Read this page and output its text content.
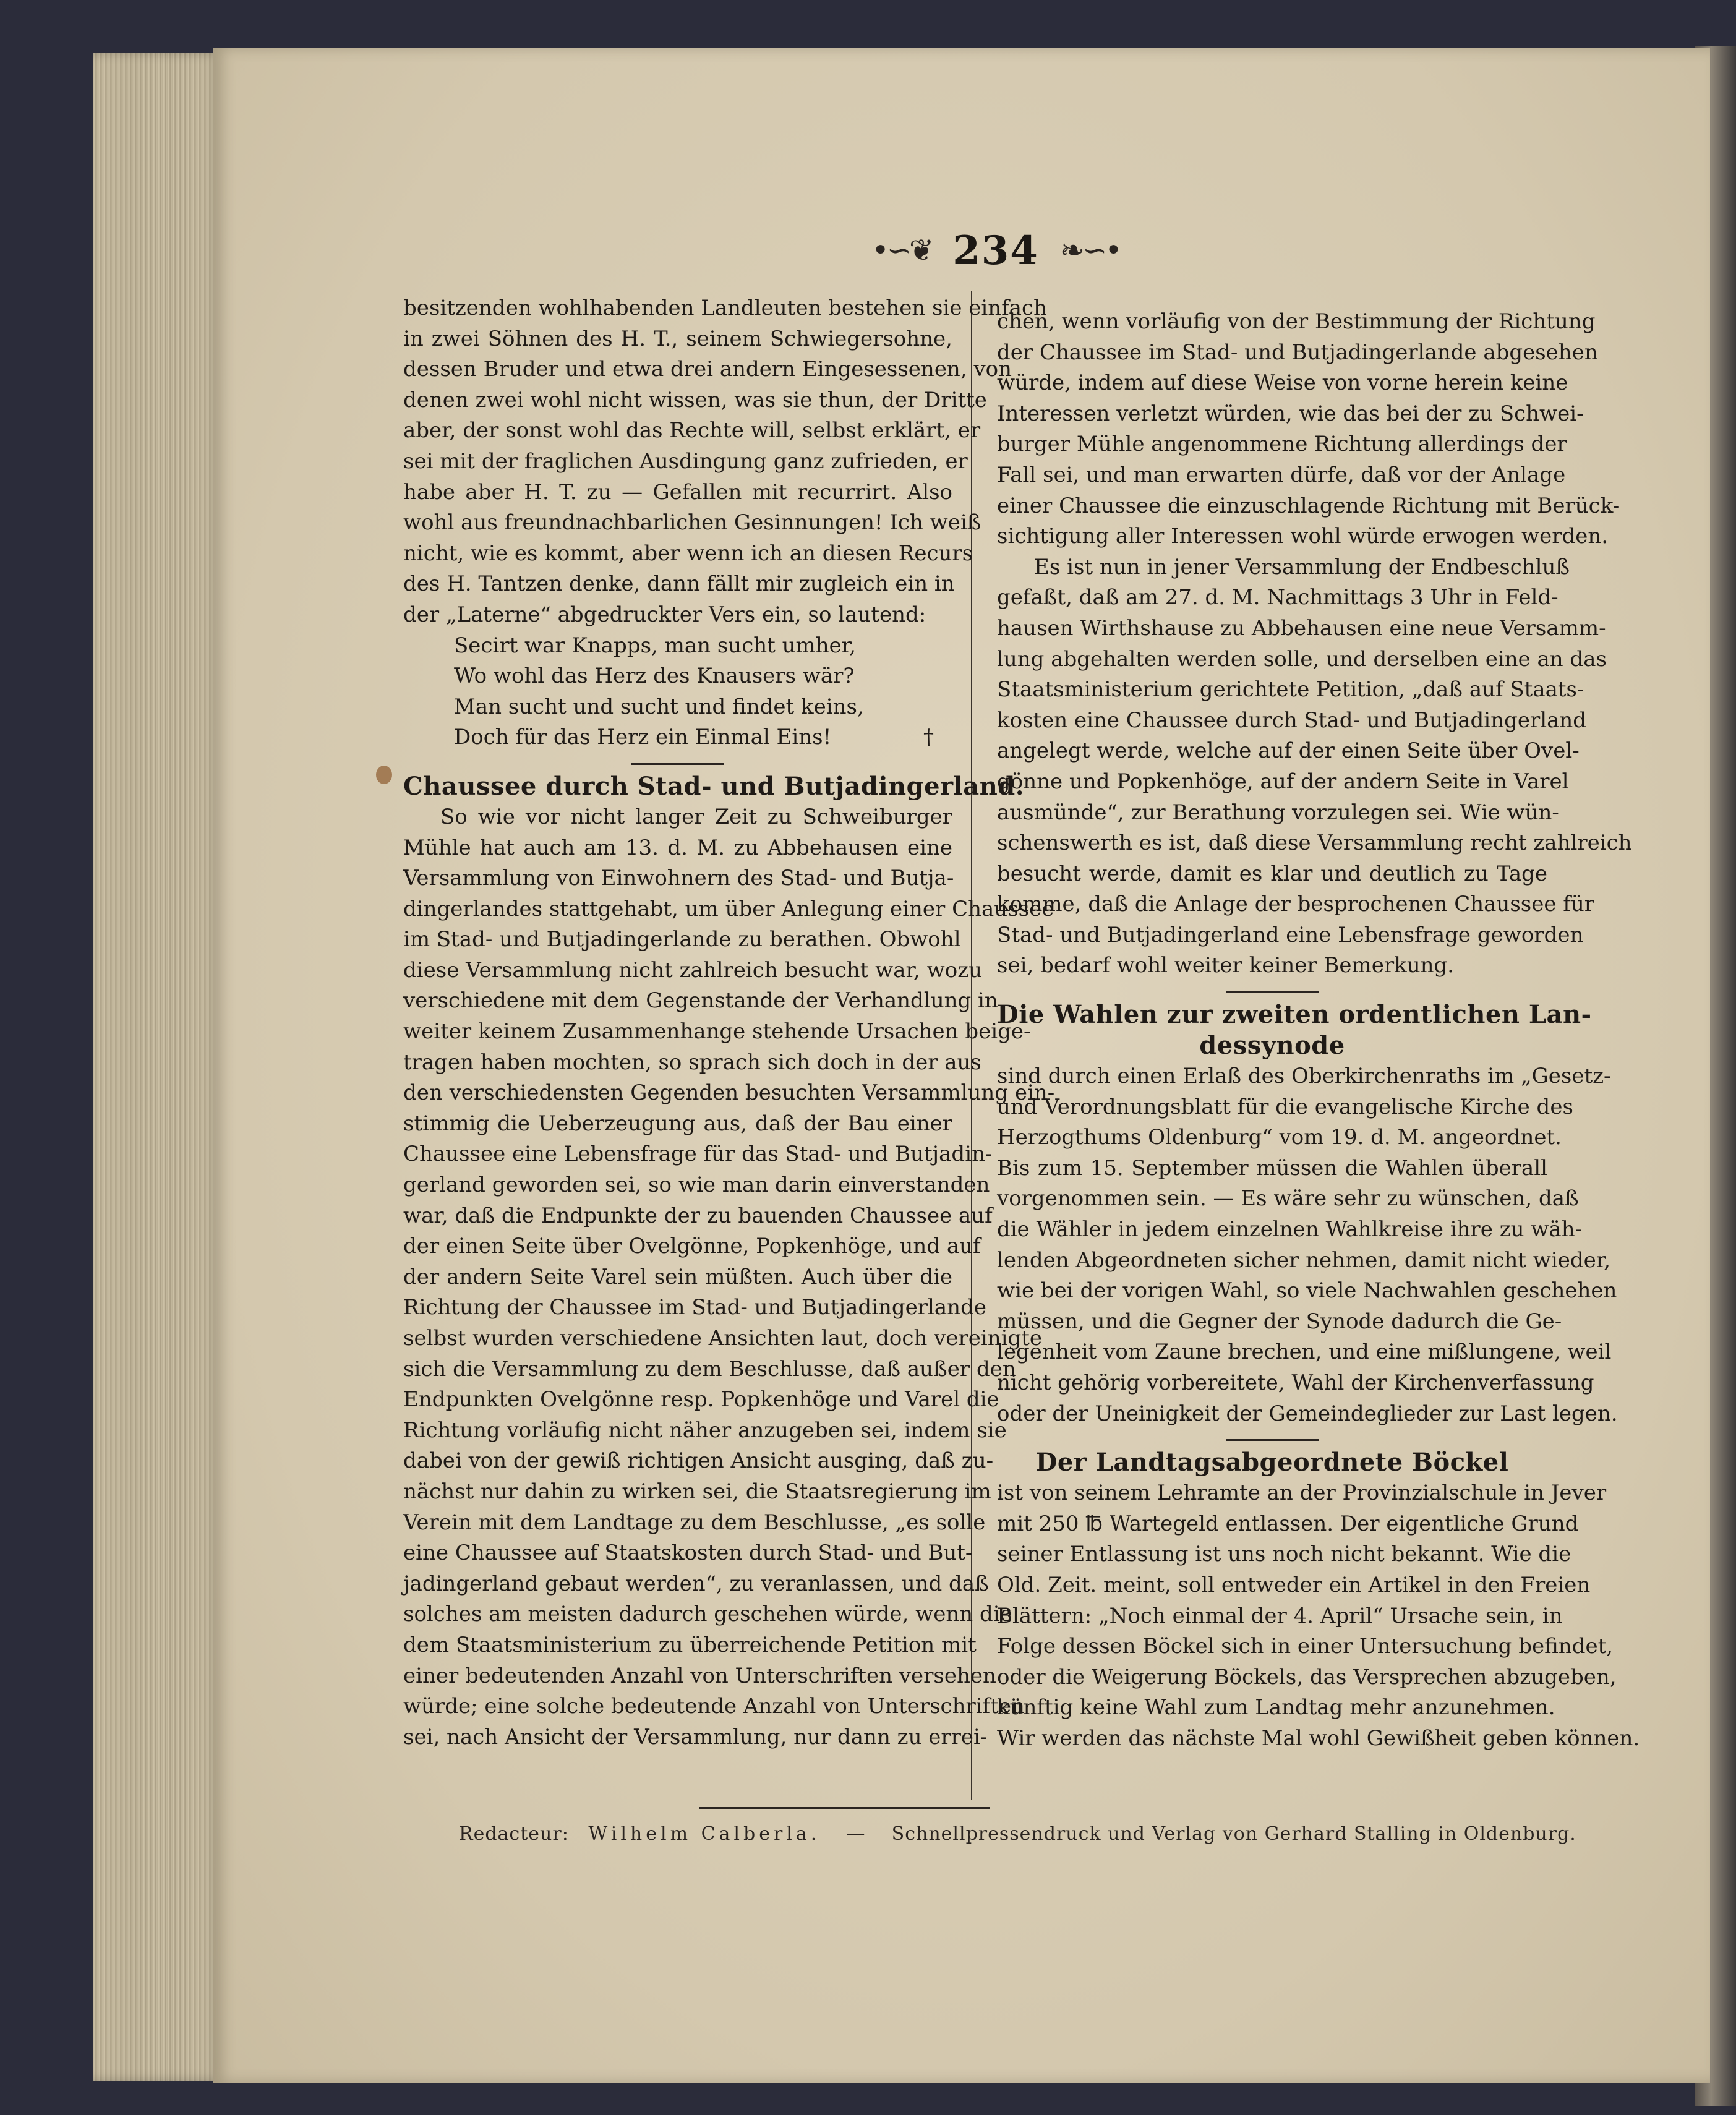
•∽❦ 234 ❧∽•
besitzenden wohlhabenden Landleuten bestehen sie einfach
in zwei Söhnen des H. T., seinem Schwiegersohne,
dessen Bruder und etwa drei andern Eingesessenen, von
denen zwei wohl nicht wissen, was sie thun, der Dritte
aber, der sonst wohl das Rechte will, selbst erklärt, er
sei mit der fraglichen Ausdingung ganz zufrieden, er
habe aber H. T. zu — Gefallen mit recurrirt. Also
wohl aus freundnachbarlichen Gesinnungen! Ich weiß
nicht, wie es kommt, aber wenn ich an diesen Recurs
des H. Tantzen denke, dann fällt mir zugleich ein in
der „Laterne“ abgedruckter Vers ein, so lautend:
Secirt war Knapps, man sucht umher,
Wo wohl das Herz des Knausers wär?
Man sucht und sucht und findet keins,
Doch für das Herz ein Einmal Eins!	†
Chaussee durch Stad- und Butjadingerland.
So wie vor nicht langer Zeit zu Schweiburger
Mühle hat auch am 13. d. M. zu Abbehausen eine
Versammlung von Einwohnern des Stad- und Butja-
dingerlandes stattgehabt, um über Anlegung einer Chaussee
im Stad- und Butjadingerlande zu berathen. Obwohl
diese Versammlung nicht zahlreich besucht war, wozu
verschiedene mit dem Gegenstande der Verhandlung in
weiter keinem Zusammenhange stehende Ursachen beige-
tragen haben mochten, so sprach sich doch in der aus
den verschiedensten Gegenden besuchten Versammlung ein-
stimmig die Ueberzeugung aus, daß der Bau einer
Chaussee eine Lebensfrage für das Stad- und Butjadin-
gerland geworden sei, so wie man darin einverstanden
war, daß die Endpunkte der zu bauenden Chaussee auf
der einen Seite über Ovelgönne, Popkenhöge, und auf
der andern Seite Varel sein müßten. Auch über die
Richtung der Chaussee im Stad- und Butjadingerlande
selbst wurden verschiedene Ansichten laut, doch vereinigte
sich die Versammlung zu dem Beschlusse, daß außer den
Endpunkten Ovelgönne resp. Popkenhöge und Varel die
Richtung vorläufig nicht näher anzugeben sei, indem sie
dabei von der gewiß richtigen Ansicht ausging, daß zu-
nächst nur dahin zu wirken sei, die Staatsregierung im
Verein mit dem Landtage zu dem Beschlusse, „es solle
eine Chaussee auf Staatskosten durch Stad- und But-
jadingerland gebaut werden“, zu veranlassen, und daß
solches am meisten dadurch geschehen würde, wenn die
dem Staatsministerium zu überreichende Petition mit
einer bedeutenden Anzahl von Unterschriften versehen
würde; eine solche bedeutende Anzahl von Unterschriften
sei, nach Ansicht der Versammlung, nur dann zu errei-
chen, wenn vorläufig von der Bestimmung der Richtung
der Chaussee im Stad- und Butjadingerlande abgesehen
würde, indem auf diese Weise von vorne herein keine
Interessen verletzt würden, wie das bei der zu Schwei-
burger Mühle angenommene Richtung allerdings der
Fall sei, und man erwarten dürfe, daß vor der Anlage
einer Chaussee die einzuschlagende Richtung mit Berück-
sichtigung aller Interessen wohl würde erwogen werden.
Es ist nun in jener Versammlung der Endbeschluß
gefaßt, daß am 27. d. M. Nachmittags 3 Uhr in Feld-
hausen Wirthshause zu Abbehausen eine neue Versamm-
lung abgehalten werden solle, und derselben eine an das
Staatsministerium gerichtete Petition, „daß auf Staats-
kosten eine Chaussee durch Stad- und Butjadingerland
angelegt werde, welche auf der einen Seite über Ovel-
gönne und Popkenhöge, auf der andern Seite in Varel
ausmünde“, zur Berathung vorzulegen sei. Wie wün-
schenswerth es ist, daß diese Versammlung recht zahlreich
besucht werde, damit es klar und deutlich zu Tage
komme, daß die Anlage der besprochenen Chaussee für
Stad- und Butjadingerland eine Lebensfrage geworden
sei, bedarf wohl weiter keiner Bemerkung.
Die Wahlen zur zweiten ordentlichen Lan-
dessynode
sind durch einen Erlaß des Oberkirchenraths im „Gesetz-
und Verordnungsblatt für die evangelische Kirche des
Herzogthums Oldenburg“ vom 19. d. M. angeordnet.
Bis zum 15. September müssen die Wahlen überall
vorgenommen sein. — Es wäre sehr zu wünschen, daß
die Wähler in jedem einzelnen Wahlkreise ihre zu wäh-
lenden Abgeordneten sicher nehmen, damit nicht wieder,
wie bei der vorigen Wahl, so viele Nachwahlen geschehen
müssen, und die Gegner der Synode dadurch die Ge-
legenheit vom Zaune brechen, und eine mißlungene, weil
nicht gehörig vorbereitete, Wahl der Kirchenverfassung
oder der Uneinigkeit der Gemeindeglieder zur Last legen.
Der Landtagsabgeordnete Böckel
ist von seinem Lehramte an der Provinzialschule in Jever
mit 250 ℔ Wartegeld entlassen. Der eigentliche Grund
seiner Entlassung ist uns noch nicht bekannt. Wie die
Old. Zeit. meint, soll entweder ein Artikel in den Freien
Blättern: „Noch einmal der 4. April“ Ursache sein, in
Folge dessen Böckel sich in einer Untersuchung befindet,
oder die Weigerung Böckels, das Versprechen abzugeben,
künftig keine Wahl zum Landtag mehr anzunehmen.
Wir werden das nächste Mal wohl Gewißheit geben können.
Redacteur: Wilhelm Calberla. — Schnellpressendruck und Verlag von Gerhard Stalling in Oldenburg.
